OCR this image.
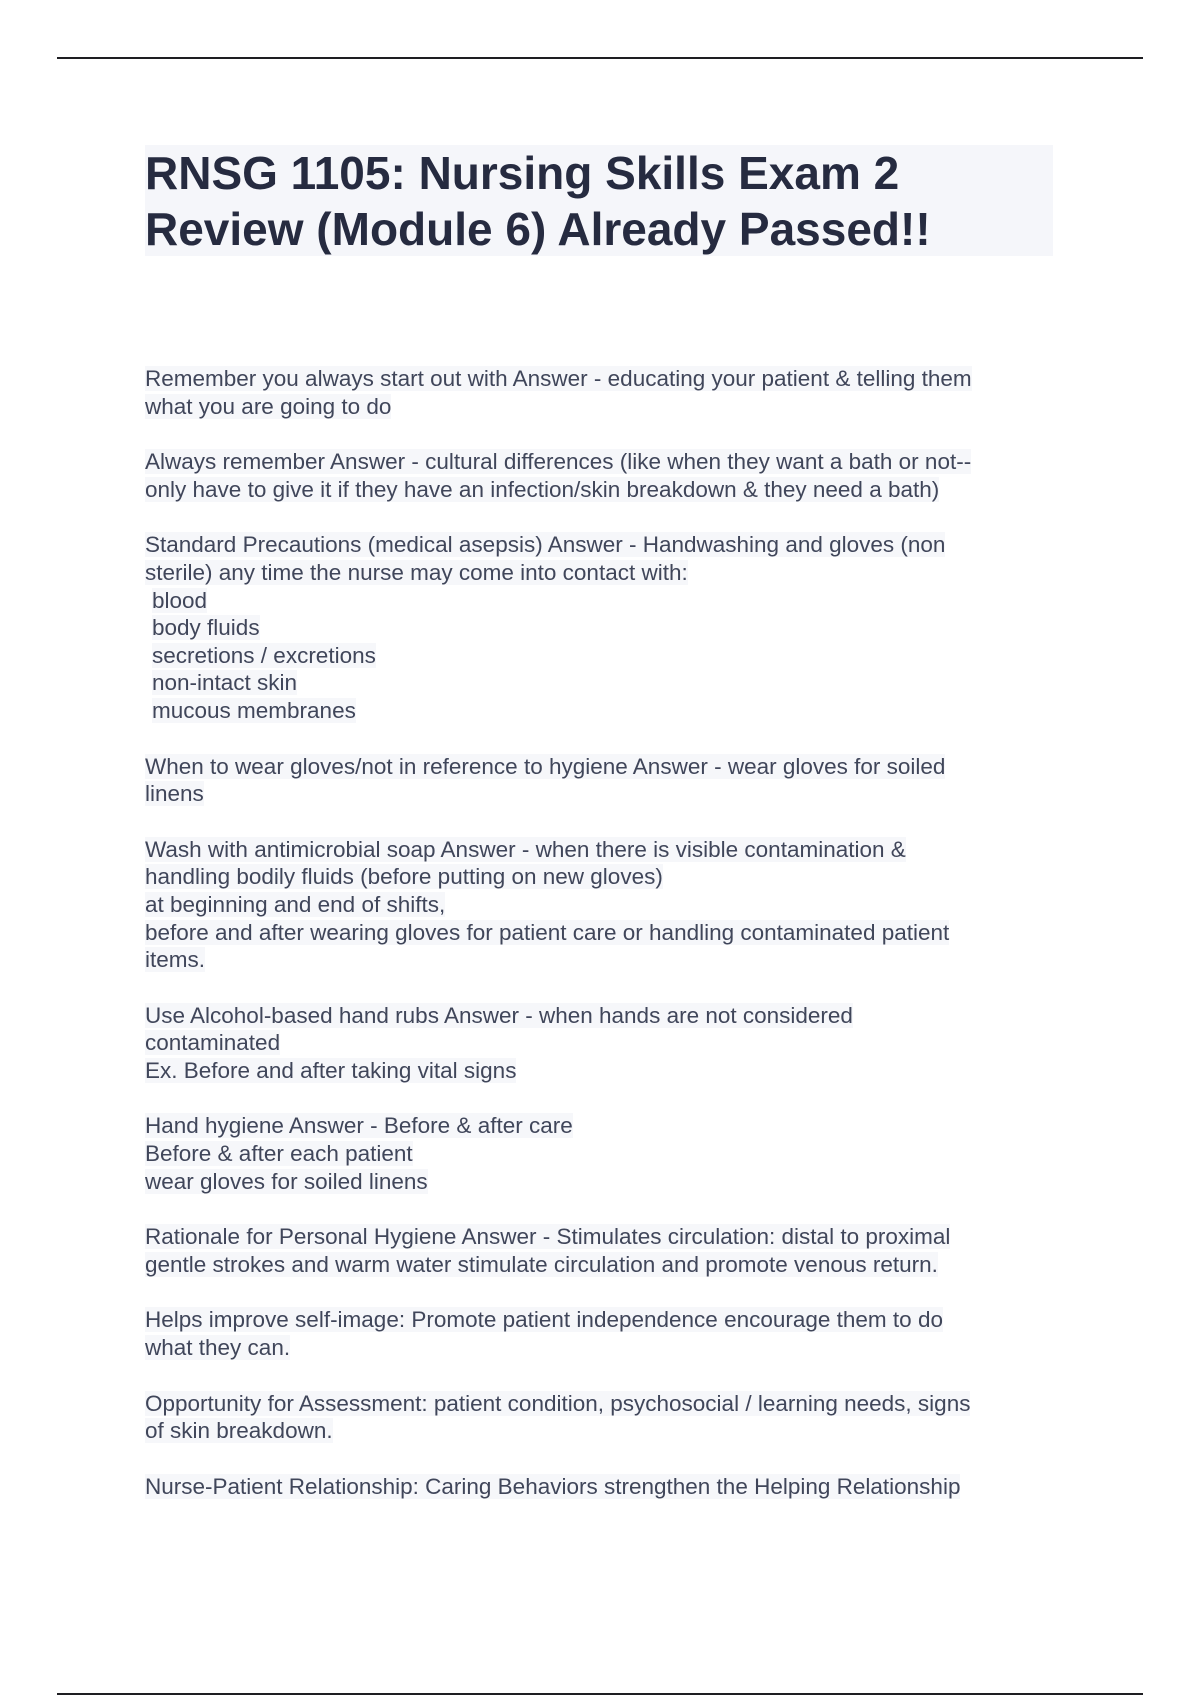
RNSG 1105: Nursing Skills Exam 2
Review (Module 6) Already Passed!!
Remember you always start out with Answer - educating your patient & telling them
what you are going to do
Always remember Answer - cultural differences (like when they want a bath or not--
only have to give it if they have an infection/skin breakdown & they need a bath)
Standard Precautions (medical asepsis) Answer - Handwashing and gloves (non
sterile) any time the nurse may come into contact with:
blood
body fluids
secretions / excretions
non-intact skin
mucous membranes
When to wear gloves/not in reference to hygiene Answer - wear gloves for soiled
linens
Wash with antimicrobial soap Answer - when there is visible contamination &
handling bodily fluids (before putting on new gloves)
at beginning and end of shifts,
before and after wearing gloves for patient care or handling contaminated patient
items.
Use Alcohol-based hand rubs Answer - when hands are not considered
contaminated
Ex. Before and after taking vital signs
Hand hygiene Answer - Before & after care
Before & after each patient
wear gloves for soiled linens
Rationale for Personal Hygiene Answer - Stimulates circulation: distal to proximal
gentle strokes and warm water stimulate circulation and promote venous return.
Helps improve self-image: Promote patient independence encourage them to do
what they can.
Opportunity for Assessment: patient condition, psychosocial / learning needs, signs
of skin breakdown.
Nurse-Patient Relationship: Caring Behaviors strengthen the Helping Relationship
